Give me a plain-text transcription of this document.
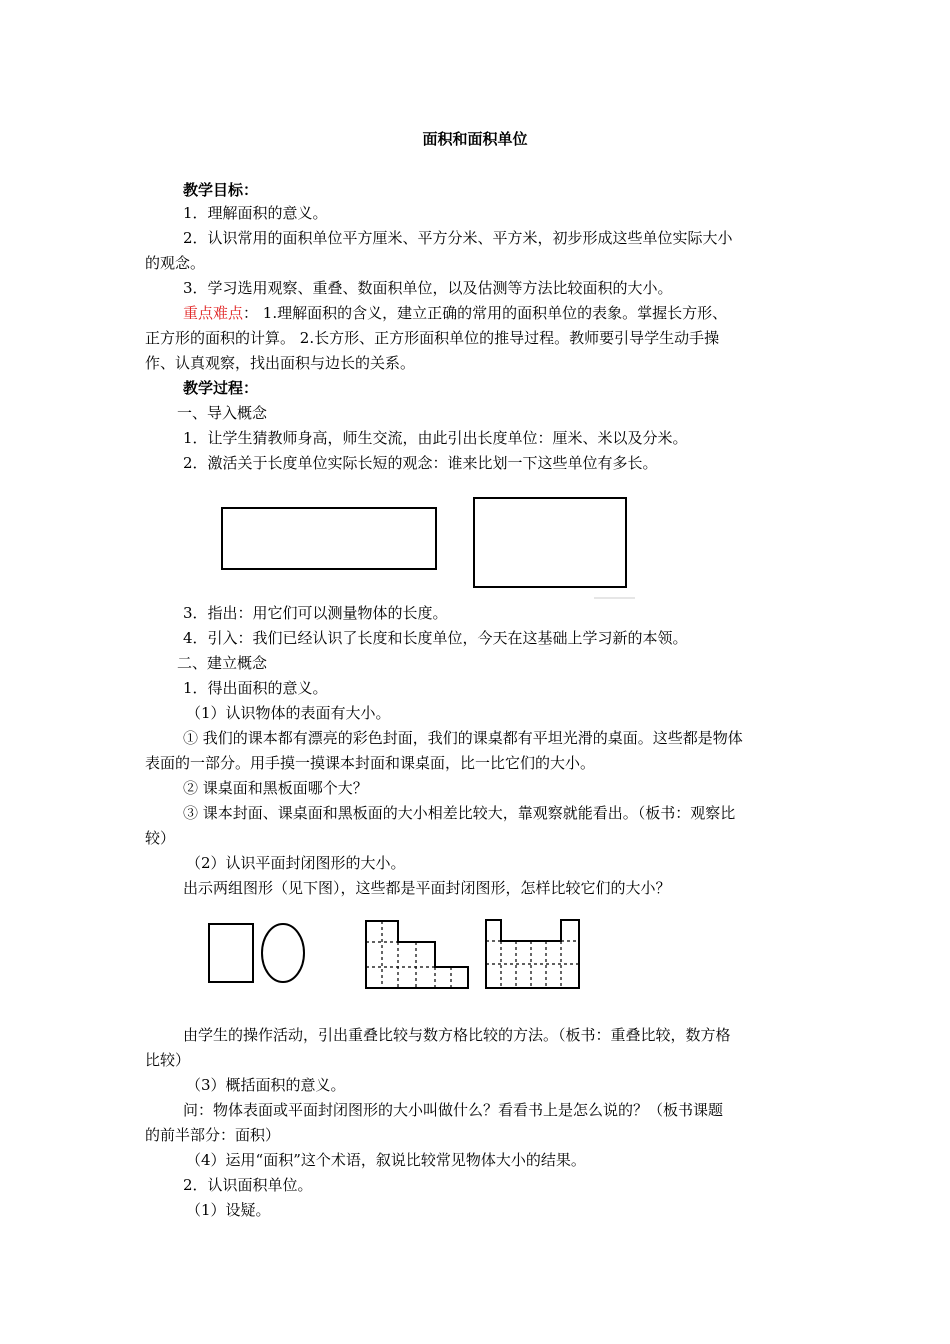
面积和面积单位
教学目标：
1．理解面积的意义。
2．认识常用的面积单位平方厘米、平方分米、平方米，初步形成这些单位实际大小
的观念。
3．学习选用观察、重叠、数面积单位，以及估测等方法比较面积的大小。
重点难点： 1.理解面积的含义，建立正确的常用的面积单位的表象。掌握长方形、
正方形的面积的计算。 2.长方形、正方形面积单位的推导过程。教师要引导学生动手操
作、认真观察，找出面积与边长的关系。
教学过程：
一、导入概念
1．让学生猜教师身高，师生交流，由此引出长度单位：厘米、米以及分米。
2．激活关于长度单位实际长短的观念：谁来比划一下这些单位有多长。
3．指出：用它们可以测量物体的长度。
4．引入：我们已经认识了长度和长度单位，今天在这基础上学习新的本领。
二、建立概念
1．得出面积的意义。
（1）认识物体的表面有大小。
① 我们的课本都有漂亮的彩色封面，我们的课桌都有平坦光滑的桌面。这些都是物体
表面的一部分。用手摸一摸课本封面和课桌面，比一比它们的大小。
② 课桌面和黑板面哪个大？
③ 课本封面、课桌面和黑板面的大小相差比较大，靠观察就能看出。（板书：观察比
较）
（2）认识平面封闭图形的大小。
出示两组图形（见下图），这些都是平面封闭图形，怎样比较它们的大小？
由学生的操作活动，引出重叠比较与数方格比较的方法。（板书：重叠比较，数方格
比较）
（3）概括面积的意义。
问：物体表面或平面封闭图形的大小叫做什么？看看书上是怎么说的？（板书课题
的前半部分：面积）
（4）运用“面积”这个术语，叙说比较常见物体大小的结果。
2．认识面积单位。
（1）设疑。
